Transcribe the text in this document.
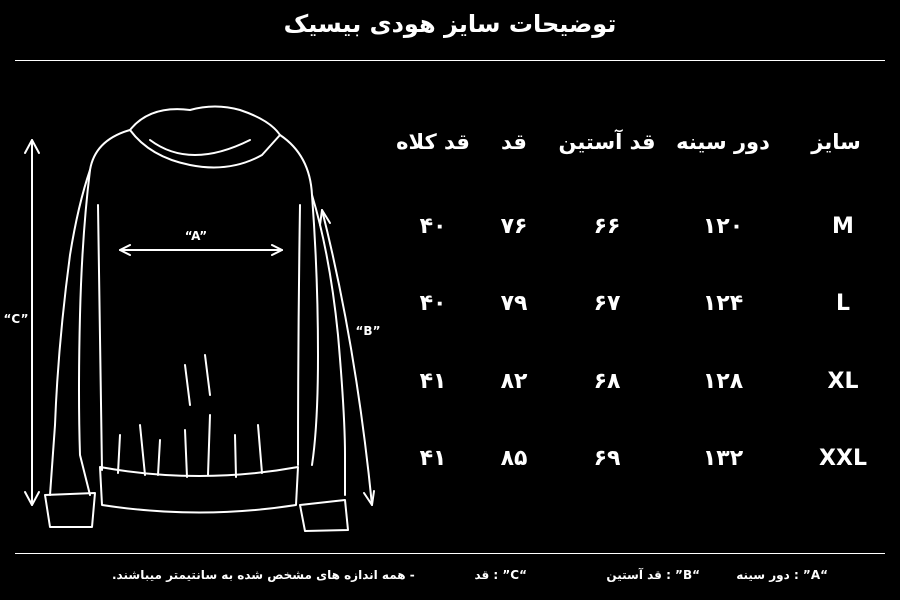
توضیحات سایز هودی بیسیک
“A”
“C”
“B”
سایز
دور سینه
قد آستین
قد
قد کلاه
M
۱۲۰
۶۶
۷۶
۴۰
L
۱۲۴
۶۷
۷۹
۴۰
XL
۱۲۸
۶۸
۸۲
۴۱
XXL
۱۳۲
۶۹
۸۵
۴۱
“A” : دور سینه
“B” : قد آستین
“C” : قد
- همه اندازه های مشخص شده به سانتیمتر میباشند.
